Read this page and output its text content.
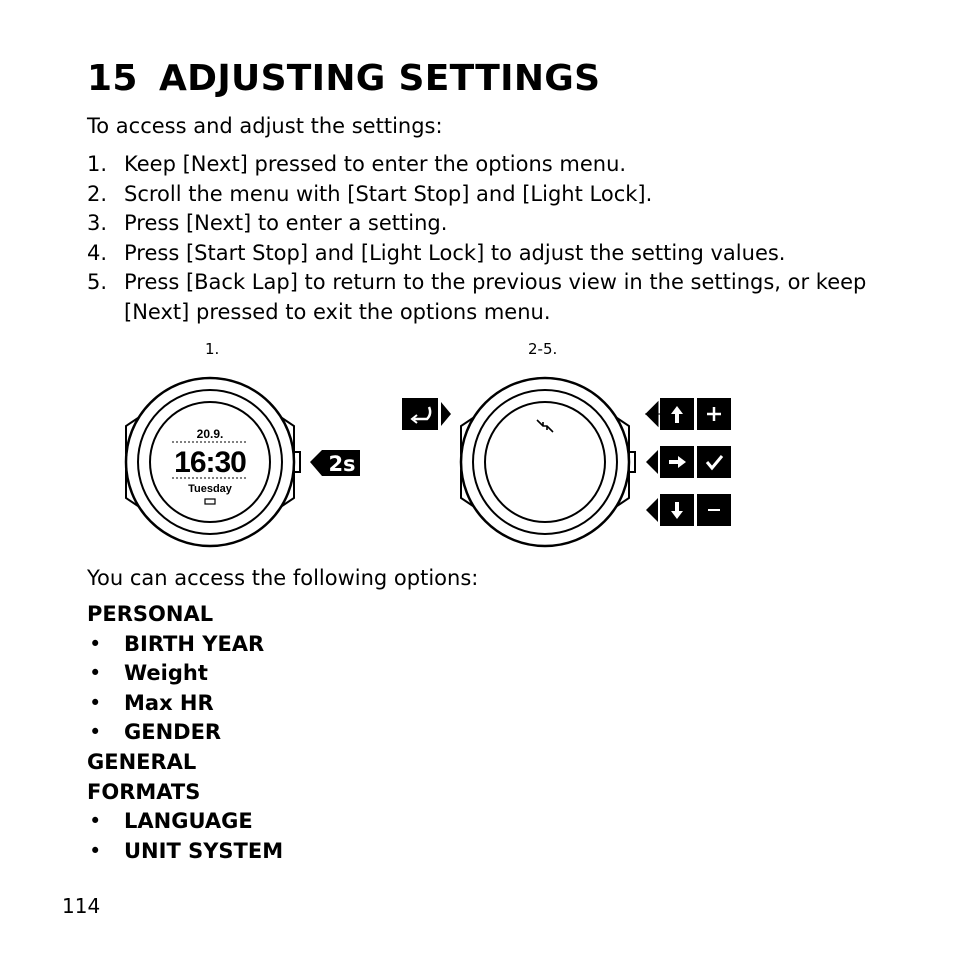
15 ADJUSTING SETTINGS
To access and adjust the settings:
1. Keep [Next] pressed to enter the options menu.
2. Scroll the menu with [Start Stop] and [Light Lock].
3. Press [Next] to enter a setting.
4. Press [Start Stop] and [Light Lock] to adjust the setting values.
5. Press [Back Lap] to return to the previous view in the settings, or keep [Next] pressed to exit the options menu.
1.	2-5.
20.9.
16:30
Tuesday
2s
You can access the following options:
PERSONAL
•	BIRTH YEAR
•	Weight
•	Max HR
•	GENDER
GENERAL
FORMATS
•	LANGUAGE
•	UNIT SYSTEM
114
